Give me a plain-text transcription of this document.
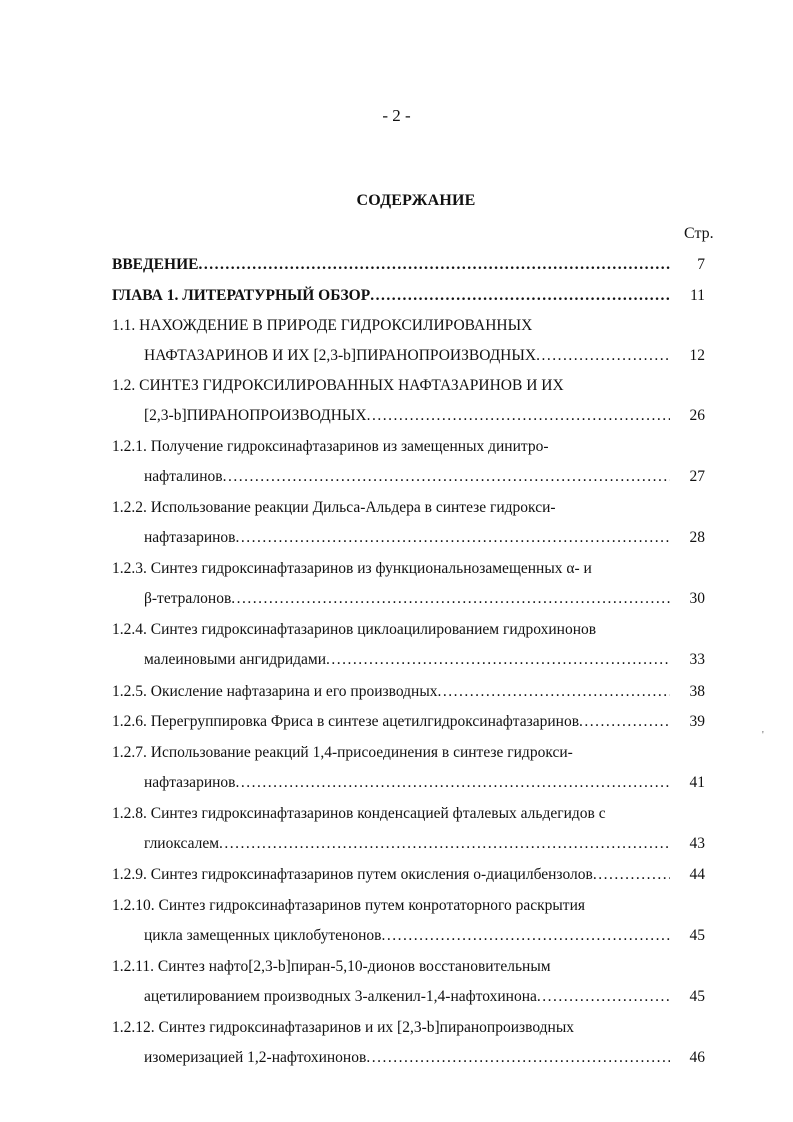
- 2 -
СОДЕРЖАНИЕ
Стр.
ВВЕДЕНИЕ .....	7
ГЛАВА 1. ЛИТЕРАТУРНЫЙ ОБЗОР .....	11
1.1. НАХОЖДЕНИЕ В ПРИРОДЕ ГИДРОКСИЛИРОВАННЫХ
НАФТАЗАРИНОВ И ИХ [2,3-b]ПИРАНОПРОИЗВОДНЫХ .....	12
1.2. СИНТЕЗ ГИДРОКСИЛИРОВАННЫХ НАФТАЗАРИНОВ И ИХ
[2,3-b]ПИРАНОПРОИЗВОДНЫХ .....	26
1.2.1. Получение гидроксинафтазаринов из замещенных динитро-
нафталинов .....	27
1.2.2. Использование реакции Дильса-Альдера в синтезе гидрокси-
нафтазаринов .....	28
1.2.3. Синтез гидроксинафтазаринов из функциональнозамещенных α- и
β-тетралонов .....	30
1.2.4. Синтез гидроксинафтазаринов циклоацилированием гидрохинонов
малеиновыми ангидридами .....	33
1.2.5. Окисление нафтазарина и его производных .....	38
1.2.6. Перегруппировка Фриса в синтезе ацетилгидроксинафтазаринов .....	39
1.2.7. Использование реакций 1,4-присоединения в синтезе гидрокси-
нафтазаринов .....	41
1.2.8. Синтез гидроксинафтазаринов конденсацией фталевых альдегидов с
глиоксалем .....	43
1.2.9. Синтез гидроксинафтазаринов путем окисления о-диацилбензолов .....	44
1.2.10. Синтез гидроксинафтазаринов путем конротаторного раскрытия
цикла замещенных циклобутенонов .....	45
1.2.11. Синтез нафто[2,3-b]пиран-5,10-дионов восстановительным
ацетилированием производных 3-алкенил-1,4-нафтохинона .....	45
1.2.12. Синтез гидроксинафтазаринов и их [2,3-b]пиранопроизводных
изомеризацией 1,2-нафтохинонов .....	46
'
